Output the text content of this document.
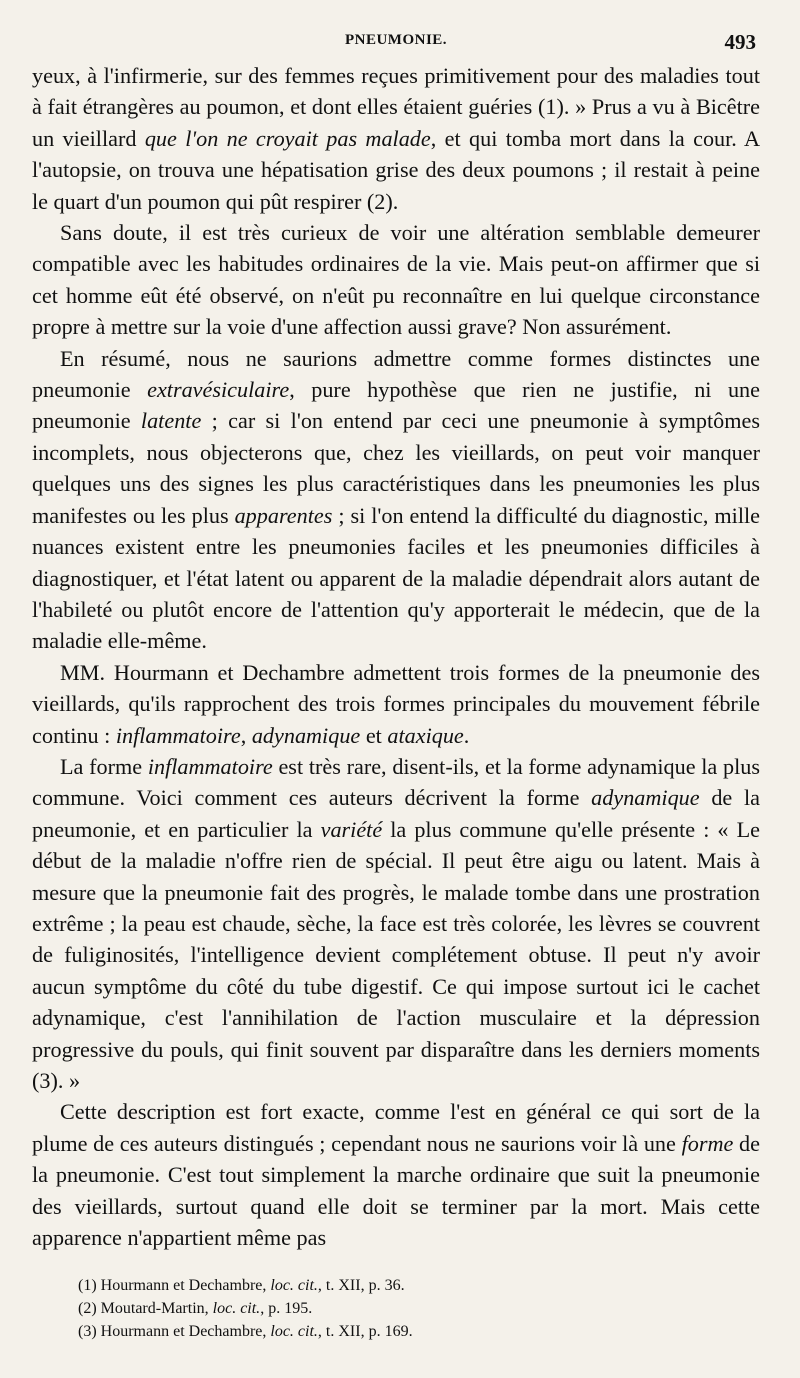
PNEUMONIE.	493

yeux, à l'infirmerie, sur des femmes reçues primitivement pour des maladies tout à fait étrangères au poumon, et dont elles étaient guéries (1). » Prus a vu à Bicêtre un vieillard que l'on ne croyait pas malade, et qui tomba mort dans la cour. A l'autopsie, on trouva une hépatisation grise des deux poumons ; il restait à peine le quart d'un poumon qui pût respirer (2).

Sans doute, il est très curieux de voir une altération semblable demeurer compatible avec les habitudes ordinaires de la vie. Mais peut-on affirmer que si cet homme eût été observé, on n'eût pu reconnaître en lui quelque circonstance propre à mettre sur la voie d'une affection aussi grave? Non assurément.

En résumé, nous ne saurions admettre comme formes distinctes une pneumonie extravésiculaire, pure hypothèse que rien ne justifie, ni une pneumonie latente ; car si l'on entend par ceci une pneumonie à symptômes incomplets, nous objecterons que, chez les vieillards, on peut voir manquer quelques uns des signes les plus caractéristiques dans les pneumonies les plus manifestes ou les plus apparentes ; si l'on entend la difficulté du diagnostic, mille nuances existent entre les pneumonies faciles et les pneumonies difficiles à diagnostiquer, et l'état latent ou apparent de la maladie dépendrait alors autant de l'habileté ou plutôt encore de l'attention qu'y apporterait le médecin, que de la maladie elle-même.

MM. Hourmann et Dechambre admettent trois formes de la pneumonie des vieillards, qu'ils rapprochent des trois formes principales du mouvement fébrile continu : inflammatoire, adynamique et ataxique.

La forme inflammatoire est très rare, disent-ils, et la forme adynamique la plus commune. Voici comment ces auteurs décrivent la forme adynamique de la pneumonie, et en particulier la variété la plus commune qu'elle présente : « Le début de la maladie n'offre rien de spécial. Il peut être aigu ou latent. Mais à mesure que la pneumonie fait des progrès, le malade tombe dans une prostration extrême ; la peau est chaude, sèche, la face est très colorée, les lèvres se couvrent de fuliginosités, l'intelligence devient complétement obtuse. Il peut n'y avoir aucun symptôme du côté du tube digestif. Ce qui impose surtout ici le cachet adynamique, c'est l'annihilation de l'action musculaire et la dépression progressive du pouls, qui finit souvent par disparaître dans les derniers moments (3). »

Cette description est fort exacte, comme l'est en général ce qui sort de la plume de ces auteurs distingués ; cependant nous ne saurions voir là une forme de la pneumonie. C'est tout simplement la marche ordinaire que suit la pneumonie des vieillards, surtout quand elle doit se terminer par la mort. Mais cette apparence n'appartient même pas

(1) Hourmann et Dechambre, loc. cit., t. XII, p. 36.
(2) Moutard-Martin, loc. cit., p. 195.
(3) Hourmann et Dechambre, loc. cit., t. XII, p. 169.
